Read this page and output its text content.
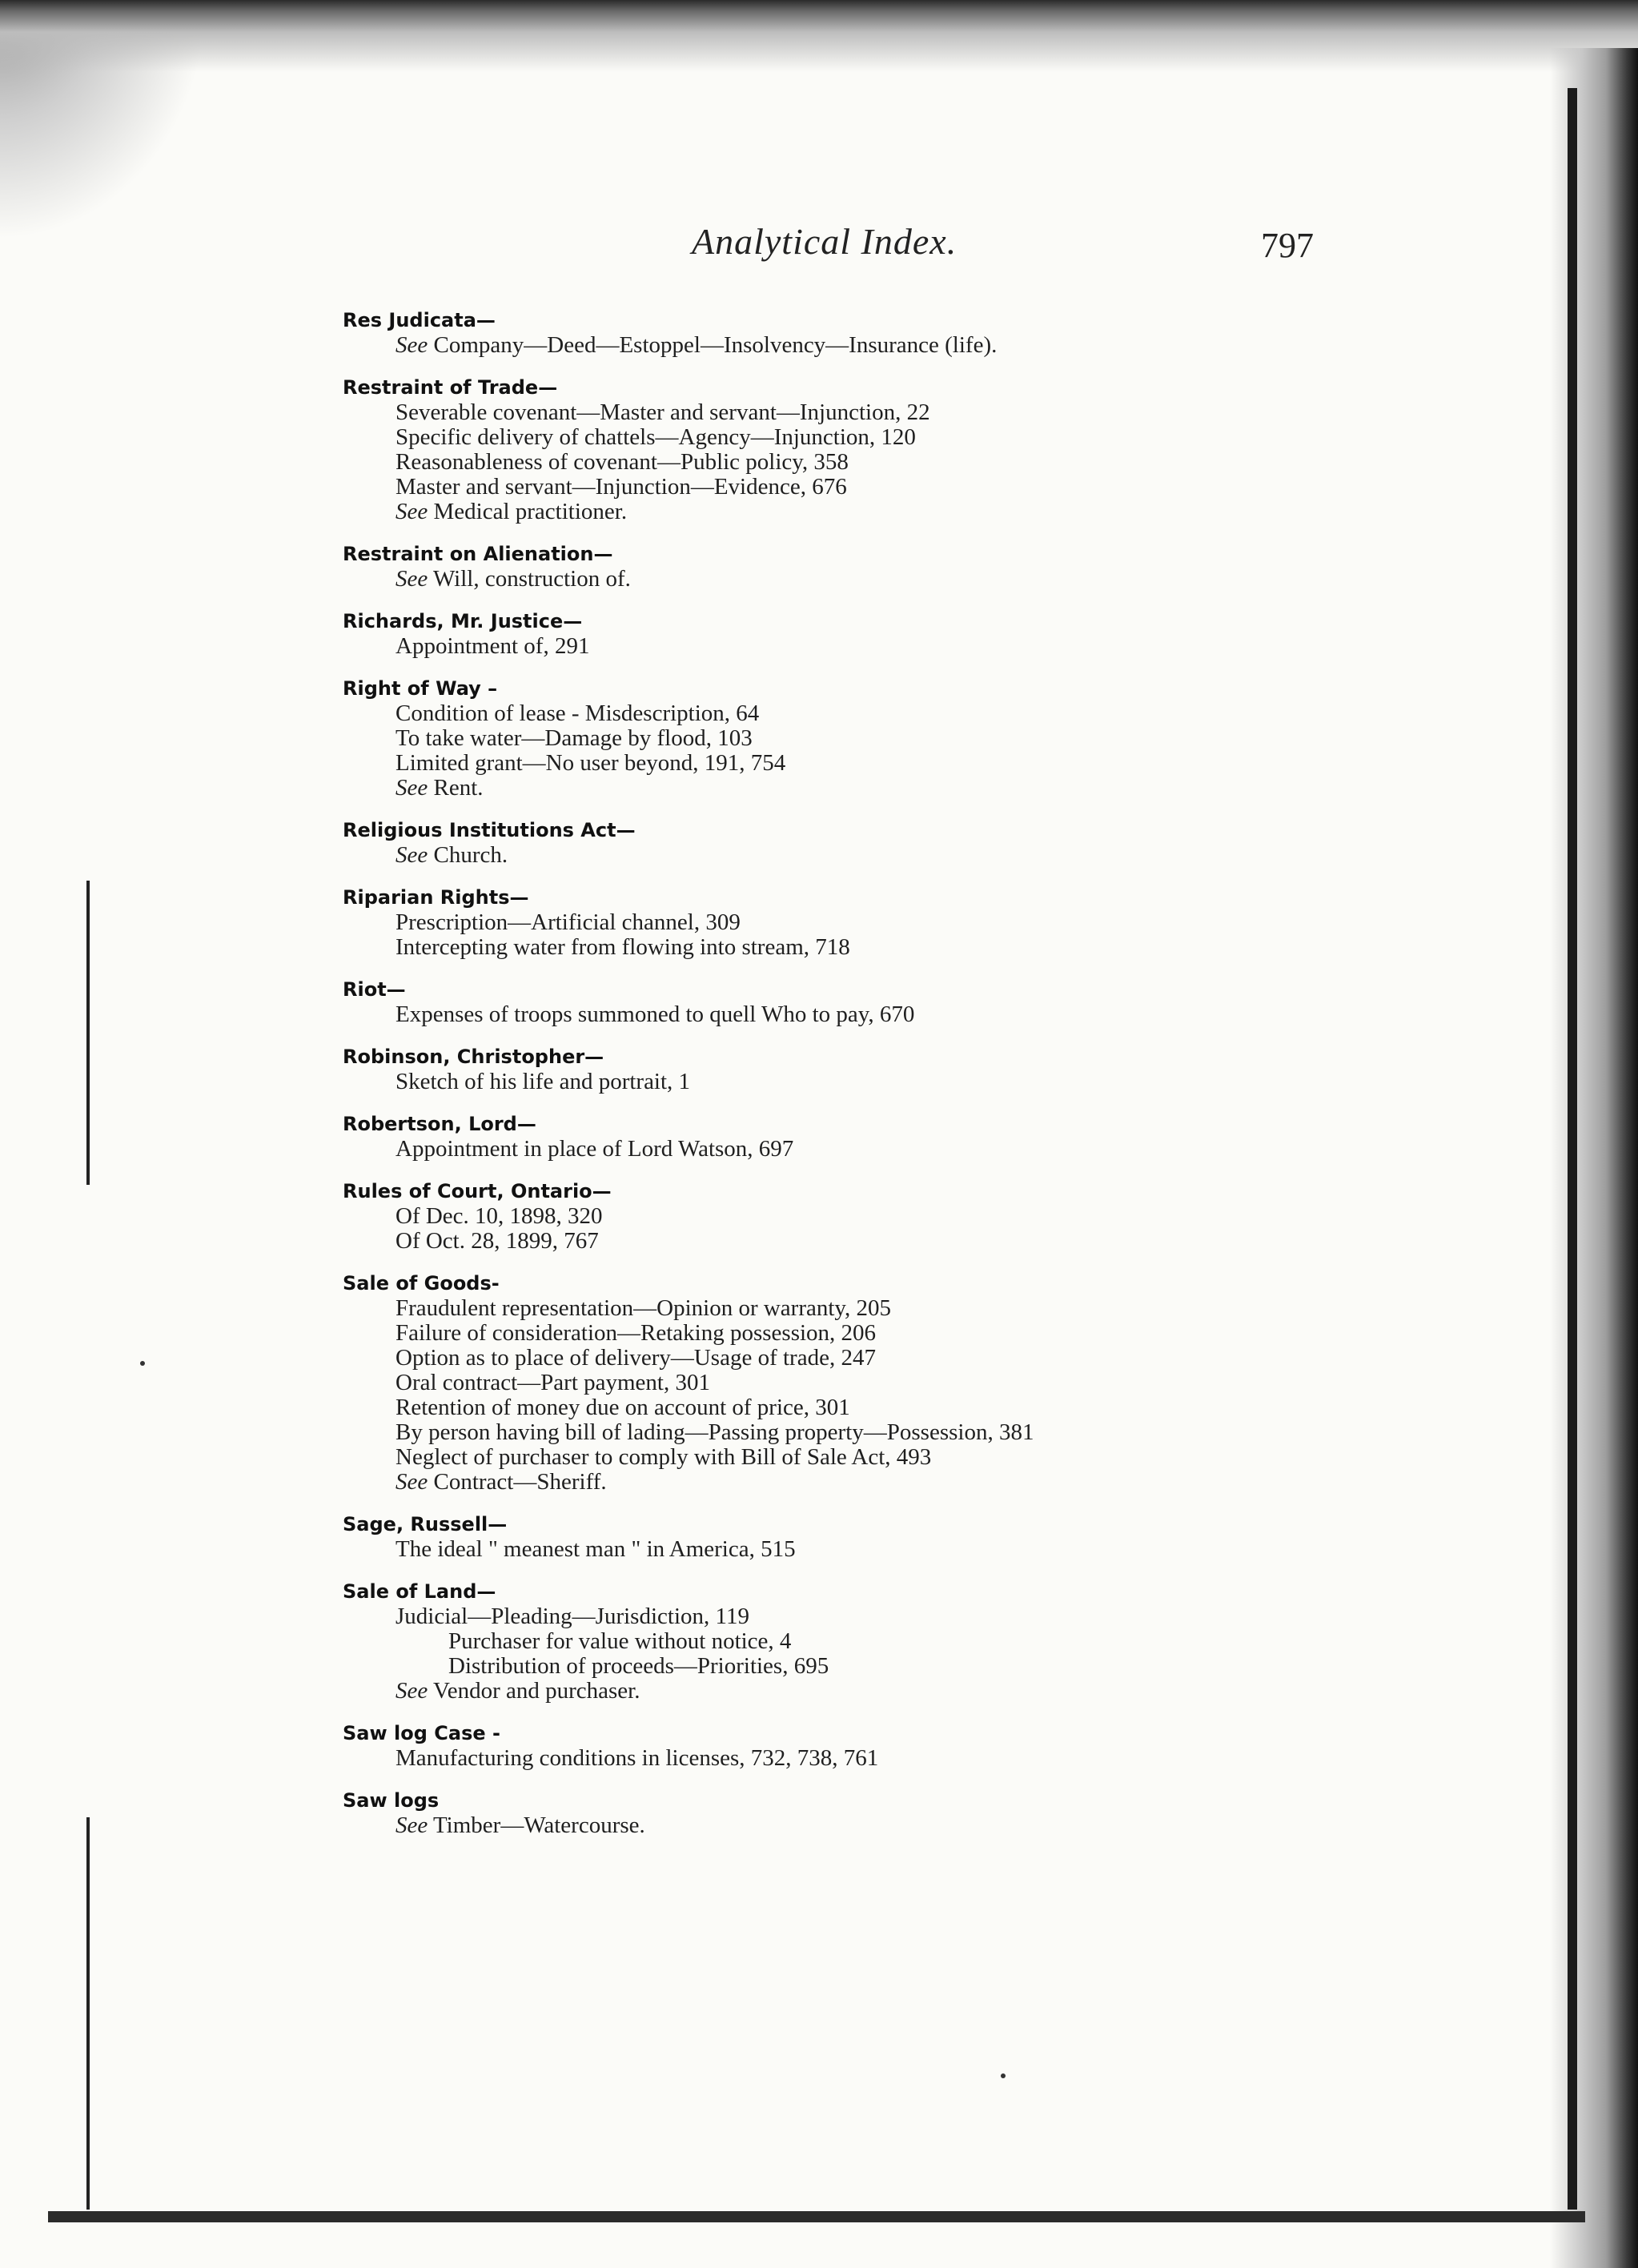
Analytical Index.	797
Res Judicata—
See Company—Deed—Estoppel—Insolvency—Insurance (life).
Restraint of Trade—
Severable covenant—Master and servant—Injunction, 22
Specific delivery of chattels—Agency—Injunction, 120
Reasonableness of covenant—Public policy, 358
Master and servant—Injunction—Evidence, 676
See Medical practitioner.
Restraint on Alienation—
See Will, construction of.
Richards, Mr. Justice—
Appointment of, 291
Right of Way –
Condition of lease - Misdescription, 64
To take water—Damage by flood, 103
Limited grant—No user beyond, 191, 754
See Rent.
Religious Institutions Act—
See Church.
Riparian Rights—
Prescription—Artificial channel, 309
Intercepting water from flowing into stream, 718
Riot—
Expenses of troops summoned to quell Who to pay, 670
Robinson, Christopher—
Sketch of his life and portrait, 1
Robertson, Lord—
Appointment in place of Lord Watson, 697
Rules of Court, Ontario—
Of Dec. 10, 1898, 320
Of Oct. 28, 1899, 767
Sale of Goods-
Fraudulent representation—Opinion or warranty, 205
Failure of consideration—Retaking possession, 206
Option as to place of delivery—Usage of trade, 247
Oral contract—Part payment, 301
Retention of money due on account of price, 301
By person having bill of lading—Passing property—Possession, 381
Neglect of purchaser to comply with Bill of Sale Act, 493
See Contract—Sheriff.
Sage, Russell—
The ideal " meanest man " in America, 515
Sale of Land—
Judicial—Pleading—Jurisdiction, 119
Purchaser for value without notice, 4
Distribution of proceeds—Priorities, 695
See Vendor and purchaser.
Saw log Case -
Manufacturing conditions in licenses, 732, 738, 761
Saw logs
See Timber—Watercourse.
